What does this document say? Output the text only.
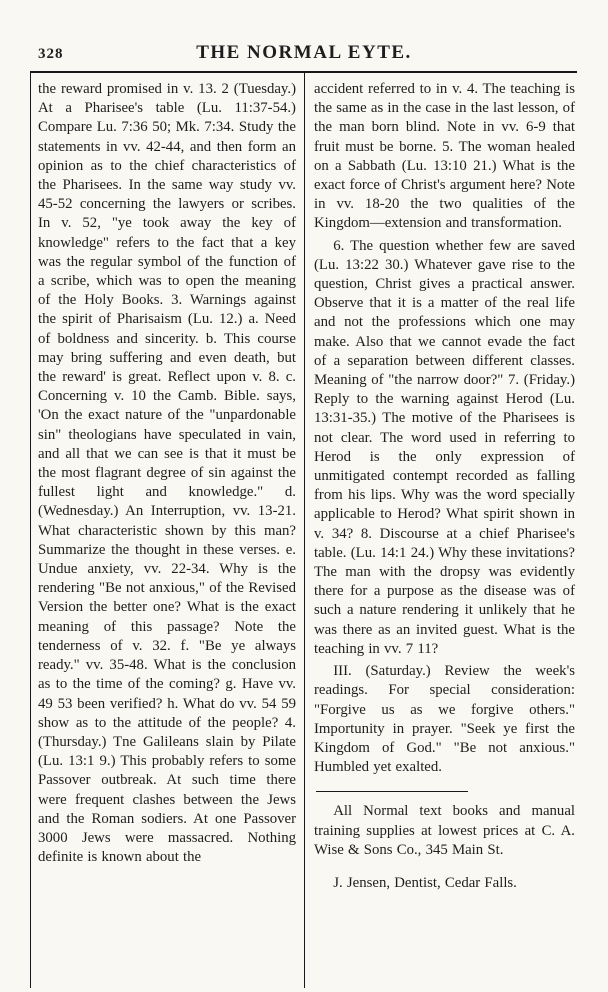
328	THE NORMAL EYTE.

the reward promised in v. 13. 2 (Tuesday.) At a Pharisee's table (Lu. 11:37-54.) Compare Lu. 7:36 50; Mk. 7:34. Study the statements in vv. 42-44, and then form an opinion as to the chief characteristics of the Pharisees. In the same way study vv. 45-52 concerning the lawyers or scribes. In v. 52, "ye took away the key of knowledge" refers to the fact that a key was the regular symbol of the function of a scribe, which was to open the meaning of the Holy Books. 3. Warnings against the spirit of Pharisaism (Lu. 12.) a. Need of boldness and sincerity. b. This course may bring suffering and even death, but the reward' is great. Reflect upon v. 8. c. Concerning v. 10 the Camb. Bible. says, 'On the exact nature of the "unpardonable sin" theologians have speculated in vain, and all that we can see is that it must be the most flagrant degree of sin against the fullest light and knowledge." d. (Wednesday.) An Interruption, vv. 13-21. What characteristic shown by this man? Summarize the thought in these verses. e. Undue anxiety, vv. 22-34. Why is the rendering "Be not anxious," of the Revised Version the better one? What is the exact meaning of this passage? Note the tenderness of v. 32. f. "Be ye always ready." vv. 35-48. What is the conclusion as to the time of the coming? g. Have vv. 49 53 been verified? h. What do vv. 54 59 show as to the attitude of the people? 4. (Thursday.) Tne Galileans slain by Pilate (Lu. 13:1 9.) This probably refers to some Passover outbreak. At such time there were frequent clashes between the Jews and the Roman sodiers. At one Passover 3000 Jews were massacred. Nothing definite is known about the

accident referred to in v. 4. The teaching is the same as in the case in the last lesson, of the man born blind. Note in vv. 6-9 that fruit must be borne. 5. The woman healed on a Sabbath (Lu. 13:10 21.) What is the exact force of Christ's argument here? Note in vv. 18-20 the two qualities of the Kingdom—extension and transformation.

6. The question whether few are saved (Lu. 13:22 30.) Whatever gave rise to the question, Christ gives a practical answer. Observe that it is a matter of the real life and not the professions which one may make. Also that we cannot evade the fact of a separation between different classes. Meaning of "the narrow door?" 7. (Friday.) Reply to the warning against Herod (Lu. 13:31-35.) The motive of the Pharisees is not clear. The word used in referring to Herod is the only expression of unmitigated contempt recorded as falling from his lips. Why was the word specially applicable to Herod? What spirit shown in v. 34? 8. Discourse at a chief Pharisee's table. (Lu. 14:1 24.) Why these invitations? The man with the dropsy was evidently there for a purpose as the disease was of such a nature rendering it unlikely that he was there as an invited guest. What is the teaching in vv. 7 11?

III. (Saturday.) Review the week's readings. For special consideration: "Forgive us as we forgive others." Importunity in prayer. "Seek ye first the Kingdom of God." "Be not anxious." Humbled yet exalted.

All Normal text books and manual training supplies at lowest prices at C. A. Wise & Sons Co., 345 Main St.

J. Jensen, Dentist, Cedar Falls.
